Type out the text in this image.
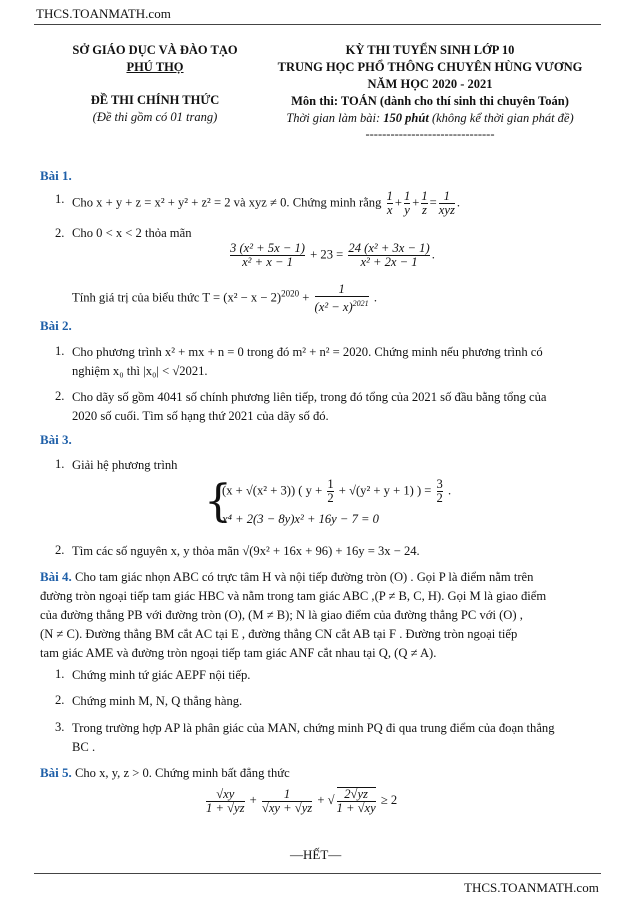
THCS.TOANMATH.com
SỞ GIÁO DỤC VÀ ĐÀO TẠO
PHÚ THỌ
ĐỀ THI CHÍNH THỨC
(Đề thi gồm có 01 trang)
KỲ THI TUYỂN SINH LỚP 10
TRUNG HỌC PHỔ THÔNG CHUYÊN HÙNG VƯƠNG
NĂM HỌC 2020 - 2021
Môn thi: TOÁN (dành cho thí sinh thi chuyên Toán)
Thời gian làm bài: 150 phút (không kể thời gian phát đề)
-------------------------------
Bài 1.
1. Cho x + y + z = x² + y² + z² = 2 và xyz ≠ 0. Chứng minh rằng $\frac{1}{x} + \frac{1}{y} + \frac{1}{z} = \frac{1}{\text{xyz}}$ .
2. Cho 0 < x < 2 thỏa mãn
$\frac{\text{3 (x² + 5x − 1)}}{\text{x² + x − 1}} + 23 = \frac{\text{24 (x² + 3x − 1)}}{\text{x² + 2x − 1}}$ .
Tính giá trị của biểu thức $T = (x^2 - x - 2)^{2020} + \frac{1}{(x^2 - x)^{2021}}$ .
Bài 2.
1. Cho phương trình x² + mx + n = 0 trong đó m² + n² = 2020. Chứng minh nếu phương trình có
nghiệm x₀ thì |x₀| < √2021.
2. Cho dãy số gồm 4041 số chính phương liên tiếp, trong đó tổng của 2021 số đầu bằng tổng của
2020 số cuối. Tìm số hạng thứ 2021 của dãy số đó.
Bài 3.
1. Giải hệ phương trình
{
(x + √(x² + 3)) ( $y + \frac{1}{2} + √(y^2 + y + 1)$ ) = $\frac{3}{2}$ .
x⁴ + 2(3 − 8y)x² + 16y − 7 = 0
2. Tìm các số nguyên x, y thỏa mãn √(9x² + 16x + 96) + 16y = 3x − 24.
Bài 4. Cho tam giác nhọn ABC có trực tâm H và nội tiếp đường tròn (O) . Gọi P là điểm nằm trên
đường tròn ngoại tiếp tam giác HBC và nằm trong tam giác ABC ,(P ≠ B, C, H). Gọi M là giao điểm
của đường thẳng PB với đường tròn (O), (M ≠ B); N là giao điểm của đường thẳng PC với (O) ,
(N ≠ C). Đường thẳng BM cắt AC tại E , đường thẳng CN cắt AB tại F . Đường tròn ngoại tiếp
tam giác AME và đường tròn ngoại tiếp tam giác ANF cắt nhau tại Q, (Q ≠ A).
1. Chứng minh tứ giác AEPF nội tiếp.
2. Chứng minh M, N, Q thẳng hàng.
3. Trong trường hợp AP là phân giác của MAN, chứng minh PQ đi qua trung điểm của đoạn thẳng
BC .
Bài 5. Cho x, y, z > 0. Chứng minh bất đẳng thức
$\frac{√xy}{1 + √yz} + \frac{1}{√xy + √yz}$ + √ $\frac{2√yz}{1 + √xy} \ge 2$
—HẾT—
THCS.TOANMATH.com
